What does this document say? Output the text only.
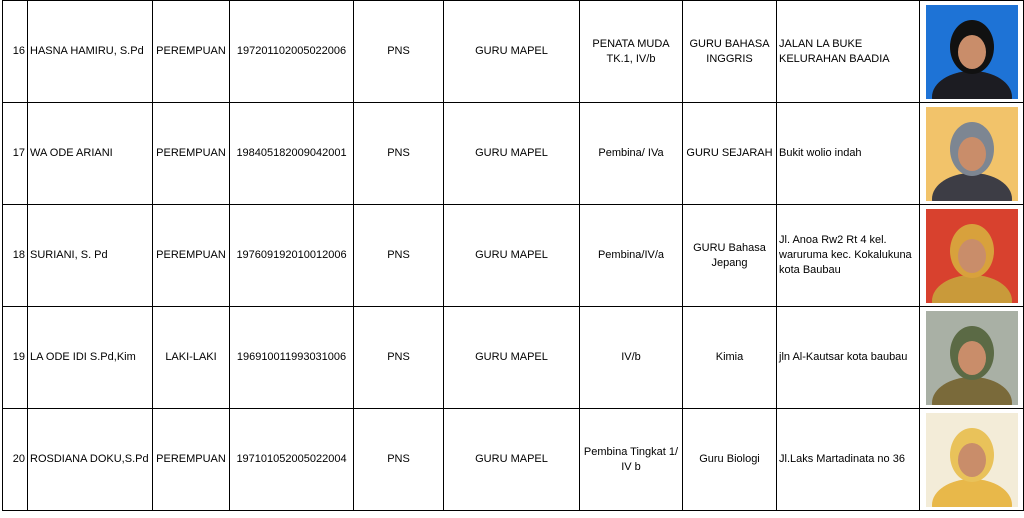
16	HASNA HAMIRU, S.Pd	PEREMPUAN	197201102005022006	PNS	GURU MAPEL	PENATA MUDA TK.1, IV/b	GURU BAHASA INGGRIS	JALAN LA BUKE KELURAHAN BAADIA	

17	WA ODE ARIANI	PEREMPUAN	198405182009042001	PNS	GURU MAPEL	Pembina/ IVa	GURU SEJARAH	Bukit wolio indah	

18	SURIANI, S. Pd	PEREMPUAN	197609192010012006	PNS	GURU MAPEL	Pembina/IV/a	GURU Bahasa Jepang	Jl. Anoa Rw2 Rt 4 kel. waruruma kec. Kokalukuna kota Baubau	

19	LA ODE IDI S.Pd,Kim	LAKI-LAKI	196910011993031006	PNS	GURU MAPEL	IV/b	Kimia	jln Al-Kautsar kota baubau	

20	ROSDIANA DOKU,S.Pd	PEREMPUAN	197101052005022004	PNS	GURU MAPEL	Pembina Tingkat 1/ IV b	Guru Biologi	Jl.Laks Martadinata no 36	
